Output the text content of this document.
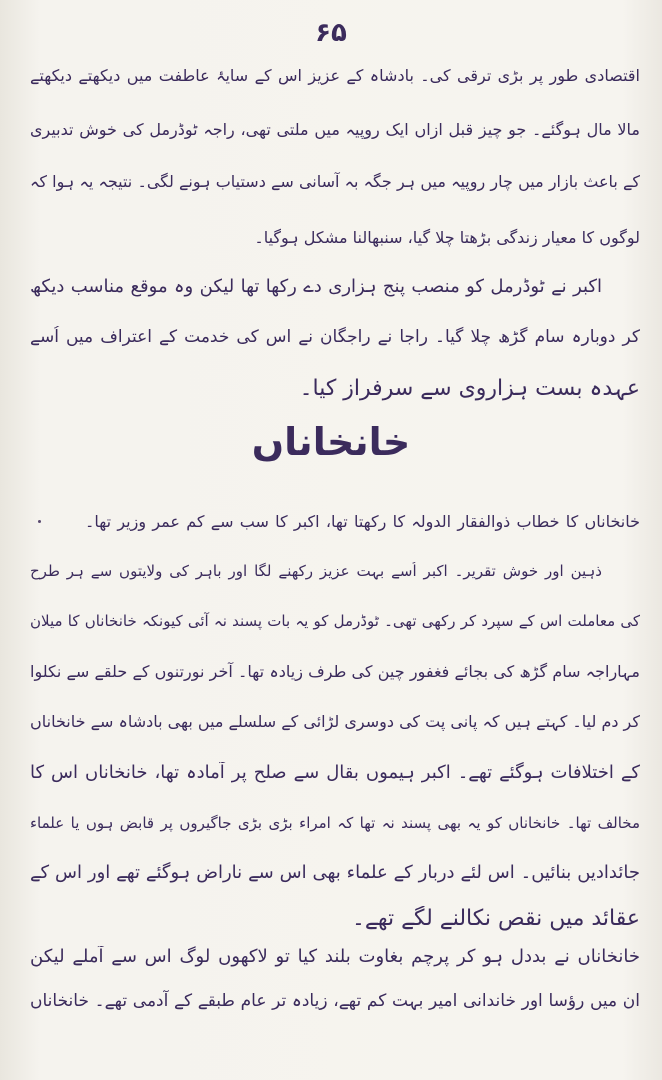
۶۵
اقتصادی طور پر بڑی ترقی کی۔ بادشاہ کے عزیز اس کے سایۂ عاطفت میں دیکھتے دیکھتے
مالا مال ہوگئے۔ جو چیز قبل ازاں ایک روپیہ میں ملتی تھی، راجہ ٹوڈرمل کی خوش تدبیری
کے باعث بازار میں چار روپیہ میں ہر جگہ بہ آسانی سے دستیاب ہونے لگی۔ نتیجہ یہ ہوا کہ
لوگوں کا معیارِ زندگی بڑھتا چلا گیا، سنبھالنا مشکل ہوگیا۔
اکبر نے ٹوڈرمل کو منصب پنج ہزاری دے رکھا تھا لیکن وہ موقع مناسب دیکھ
کر دوبارہ سام گڑھ چلا گیا۔ راجا نے راجگان نے اس کی خدمت کے اعتراف میں اُسے
عہدہ بست ہزاروی سے سرفراز کیا۔
خانخاناں
خانخاناں کا خطاب ذوالفقار الدولہ کا رکھتا تھا، اکبر کا سب سے کم عمر وزیر تھا۔
ذہین اور خوش تقریر۔ اکبر اُسے بہت عزیز رکھنے لگا اور باہر کی ولایتوں سے ہر طرح
کی معاملت اس کے سپرد کر رکھی تھی۔ ٹوڈرمل کو یہ بات پسند نہ آئی کیونکہ خانخاناں کا میلان
مہاراجہ سام گڑھ کی بجائے فغفور چین کی طرف زیادہ تھا۔ آخر نورتنوں کے حلقے سے نکلوا
کر دم لیا۔ کہتے ہیں کہ پانی پت کی دوسری لڑائی کے سلسلے میں بھی بادشاہ سے خانخاناں
کے اختلافات ہوگئے تھے۔ اکبر ہیموں بقال سے صلح پر آمادہ تھا، خانخاناں اس کا
مخالف تھا۔ خانخاناں کو یہ بھی پسند نہ تھا کہ امراء بڑی بڑی جاگیروں پر قابض ہوں یا علماء
جائدادیں بنائیں۔ اس لئے دربار کے علماء بھی اس سے ناراض ہوگئے تھے اور اس کے
عقائد میں نقص نکالنے لگے تھے۔
خانخاناں نے بددل ہو کر پرچم بغاوت بلند کیا تو لاکھوں لوگ اس سے آملے لیکن
ان میں رؤسا اور خاندانی امیر بہت کم تھے، زیادہ تر عام طبقے کے آدمی تھے۔ خانخاناں
